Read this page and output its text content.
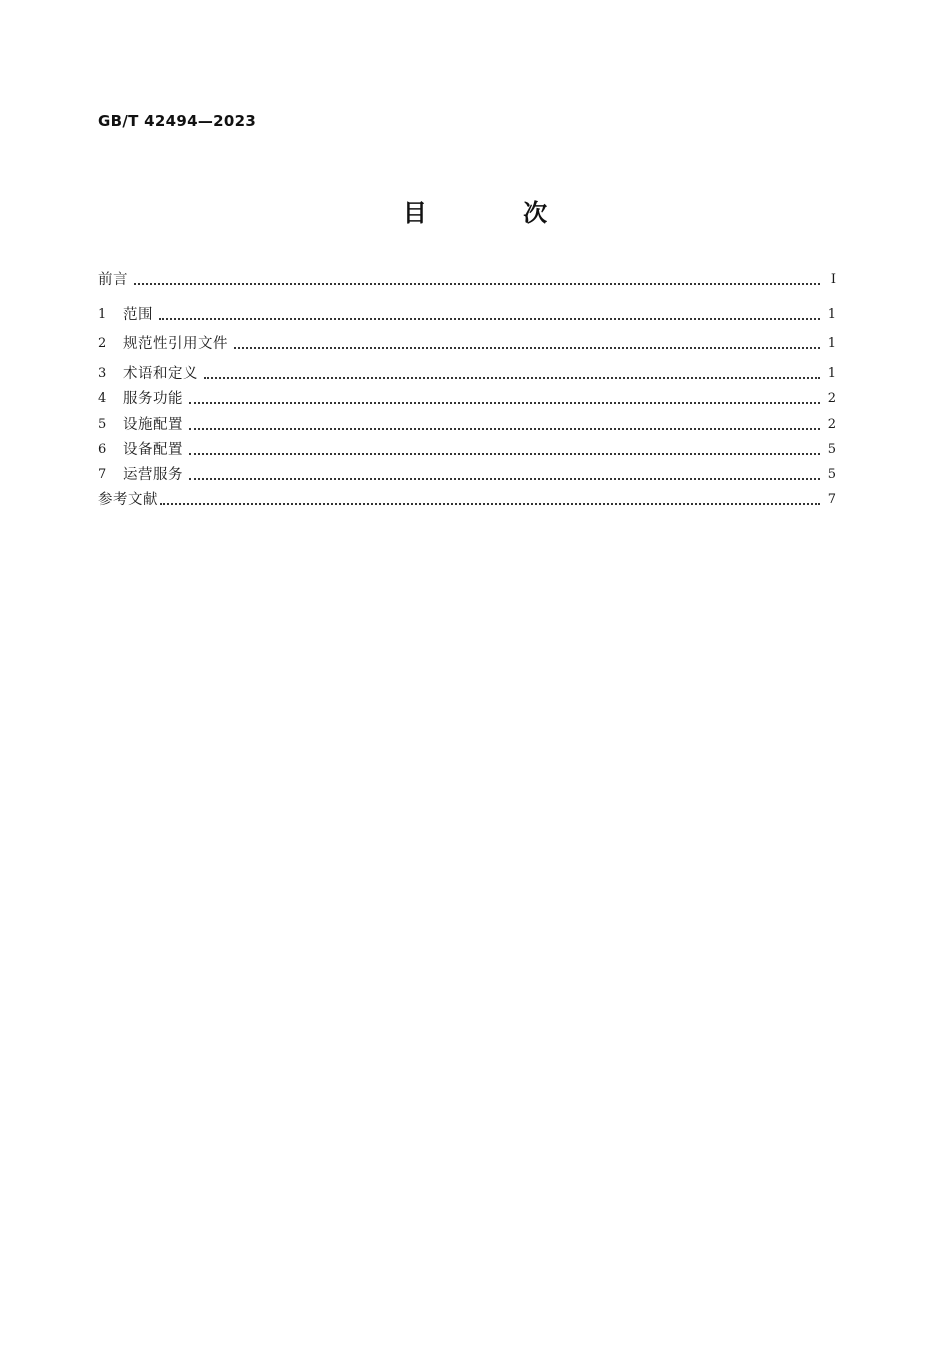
GB/T 42494—2023
目 次
前言	Ⅰ
1	范围	1
2	规范性引用文件	1
3	术语和定义	1
4	服务功能	2
5	设施配置	2
6	设备配置	5
7	运营服务	5
参考文献	7
